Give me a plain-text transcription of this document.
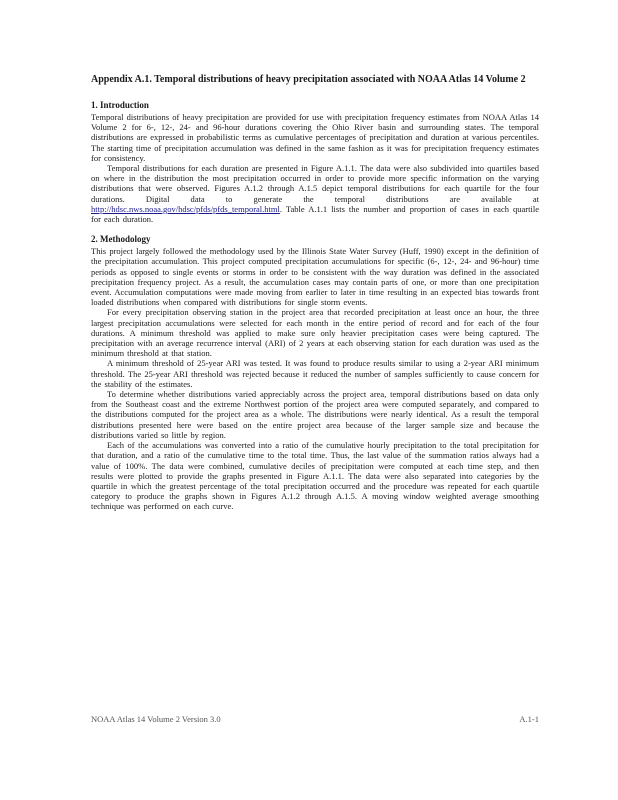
Appendix A.1. Temporal distributions of heavy precipitation associated with NOAA Atlas 14 Volume 2

1. Introduction

Temporal distributions of heavy precipitation are provided for use with precipitation frequency estimates from NOAA Atlas 14 Volume 2 for 6-, 12-, 24- and 96-hour durations covering the Ohio River basin and surrounding states. The temporal distributions are expressed in probabilistic terms as cumulative percentages of precipitation and duration at various percentiles. The starting time of precipitation accumulation was defined in the same fashion as it was for precipitation frequency estimates for consistency.

Temporal distributions for each duration are presented in Figure A.1.1. The data were also subdivided into quartiles based on where in the distribution the most precipitation occurred in order to provide more specific information on the varying distributions that were observed. Figures A.1.2 through A.1.5 depict temporal distributions for each quartile for the four durations. Digital data to generate the temporal distributions are available at http://hdsc.nws.noaa.gov/hdsc/pfds/pfds_temporal.html. Table A.1.1 lists the number and proportion of cases in each quartile for each duration.

2. Methodology

This project largely followed the methodology used by the Illinois State Water Survey (Huff, 1990) except in the definition of the precipitation accumulation. This project computed precipitation accumulations for specific (6-, 12-, 24- and 96-hour) time periods as opposed to single events or storms in order to be consistent with the way duration was defined in the associated precipitation frequency project. As a result, the accumulation cases may contain parts of one, or more than one precipitation event. Accumulation computations were made moving from earlier to later in time resulting in an expected bias towards front loaded distributions when compared with distributions for single storm events.

For every precipitation observing station in the project area that recorded precipitation at least once an hour, the three largest precipitation accumulations were selected for each month in the entire period of record and for each of the four durations. A minimum threshold was applied to make sure only heavier precipitation cases were being captured. The precipitation with an average recurrence interval (ARI) of 2 years at each observing station for each duration was used as the minimum threshold at that station.

A minimum threshold of 25-year ARI was tested. It was found to produce results similar to using a 2-year ARI minimum threshold. The 25-year ARI threshold was rejected because it reduced the number of samples sufficiently to cause concern for the stability of the estimates.

To determine whether distributions varied appreciably across the project area, temporal distributions based on data only from the Southeast coast and the extreme Northwest portion of the project area were computed separately, and compared to the distributions computed for the project area as a whole. The distributions were nearly identical. As a result the temporal distributions presented here were based on the entire project area because of the larger sample size and because the distributions varied so little by region.

Each of the accumulations was converted into a ratio of the cumulative hourly precipitation to the total precipitation for that duration, and a ratio of the cumulative time to the total time. Thus, the last value of the summation ratios always had a value of 100%. The data were combined, cumulative deciles of precipitation were computed at each time step, and then results were plotted to provide the graphs presented in Figure A.1.1. The data were also separated into categories by the quartile in which the greatest percentage of the total precipitation occurred and the procedure was repeated for each quartile category to produce the graphs shown in Figures A.1.2 through A.1.5. A moving window weighted average smoothing technique was performed on each curve.

NOAA Atlas 14 Volume 2 Version 3.0	A.1-1
